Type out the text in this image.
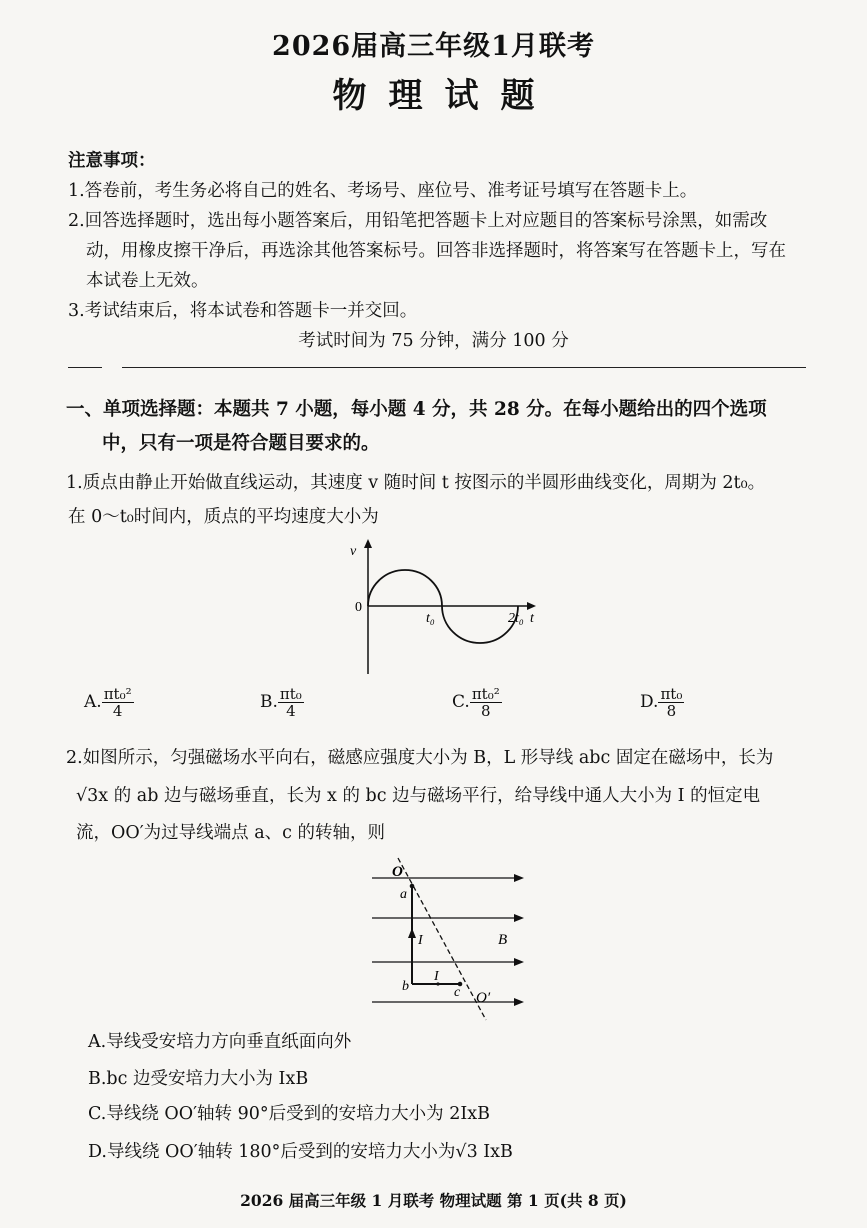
2026届高三年级1月联考
物理试题
注意事项：
1.答卷前，考生务必将自己的姓名、考场号、座位号、准考证号填写在答题卡上。
2.回答选择题时，选出每小题答案后，用铅笔把答题卡上对应题目的答案标号涂黑，如需改
动，用橡皮擦干净后，再选涂其他答案标号。回答非选择题时，将答案写在答题卡上，写在
本试卷上无效。
3.考试结束后，将本试卷和答题卡一并交回。
考试时间为 75 分钟，满分 100 分
一、单项选择题：本题共 7 小题，每小题 4 分，共 28 分。在每小题给出的四个选项
中，只有一项是符合题目要求的。
1.质点由静止开始做直线运动，其速度 v 随时间 t 按图示的半圆形曲线变化，周期为 2t₀。
在 0～t₀时间内，质点的平均速度大小为
v
0
t₀	2t₀ t
A. $\frac{\text{πt₀²}}{4}$	B. $\frac{\text{πt₀}}{4}$	C. $\frac{\text{πt₀²}}{8}$	D. $\frac{\text{πt₀}}{8}$
2.如图所示，匀强磁场水平向右，磁感应强度大小为 B，L 形导线 abc 固定在磁场中，长为
√3x 的 ab 边与磁场垂直，长为 x 的 bc 边与磁场平行，给导线中通人大小为 I 的恒定电
流，OO′为过导线端点 a、c 的转轴，则
O
a
b	c O′
I
I
B
A.导线受安培力方向垂直纸面向外
B.bc 边受安培力大小为 IxB
C.导线绕 OO′轴转 90°后受到的安培力大小为 2IxB
D.导线绕 OO′轴转 180°后受到的安培力大小为√3 IxB
2026 届高三年级 1 月联考 物理试题 第 1 页(共 8 页)
